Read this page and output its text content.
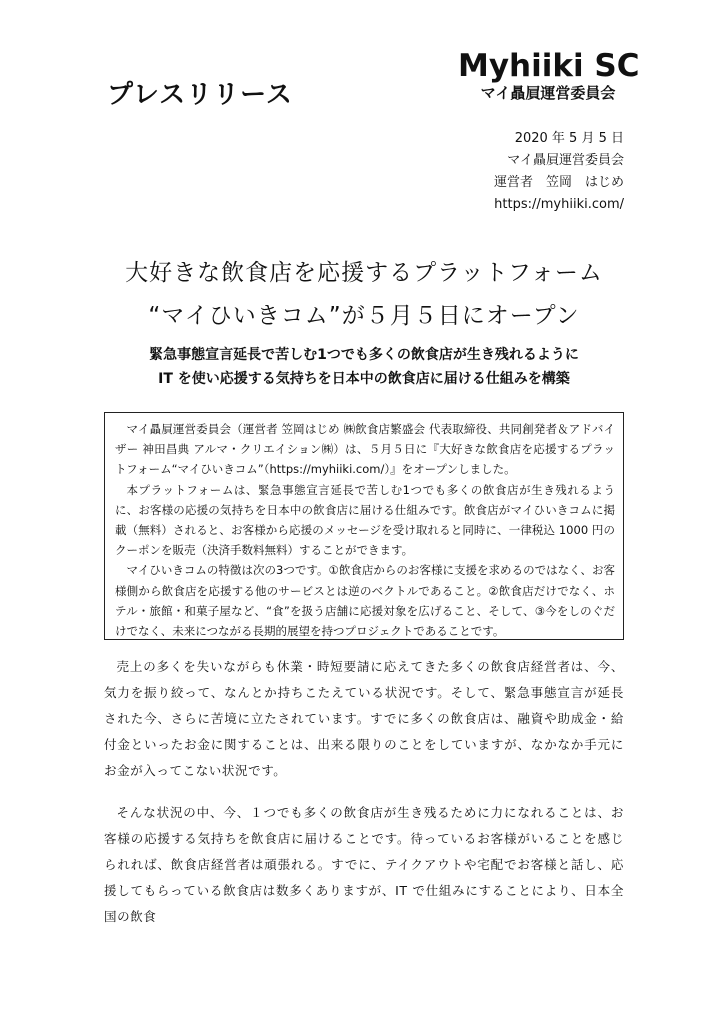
プレスリリース
Myhiiki SC
マイ贔屓運営委員会
2020 年 5 月 5 日
マイ贔屓運営委員会
運営者　笠岡　はじめ
https://myhiiki.com/
大好きな飲食店を応援するプラットフォーム
“マイひいきコム”が５月５日にオープン
緊急事態宣言延長で苦しむ1つでも多くの飲食店が生き残れるように
IT を使い応援する気持ちを日本中の飲食店に届ける仕組みを構築

マイ贔屓運営委員会（運営者 笠岡はじめ ㈱飲食店繁盛会 代表取締役、共同創発者＆アドバイザー 神田昌典 アルマ・クリエイション㈱）は、５月５日に『大好きな飲食店を応援するプラットフォーム“マイひいきコム”（https://myhiiki.com/）』をオープンしました。

本プラットフォームは、緊急事態宣言延長で苦しむ1つでも多くの飲食店が生き残れるように、お客様の応援の気持ちを日本中の飲食店に届ける仕組みです。飲食店がマイひいきコムに掲載（無料）されると、お客様から応援のメッセージを受け取れると同時に、一律税込 1000 円のクーポンを販売（決済手数料無料）することができます。

マイひいきコムの特徴は次の3つです。①飲食店からのお客様に支援を求めるのではなく、お客様側から飲食店を応援する他のサービスとは逆のベクトルであること。②飲食店だけでなく、ホテル・旅館・和菓子屋など、“食”を扱う店舗に応援対象を広げること、そして、③今をしのぐだけでなく、未来につながる長期的展望を持つプロジェクトであることです。

売上の多くを失いながらも休業・時短要請に応えてきた多くの飲食店経営者は、今、気力を振り絞って、なんとか持ちこたえている状況です。そして、緊急事態宣言が延長された今、さらに苦境に立たされています。すでに多くの飲食店は、融資や助成金・給付金といったお金に関することは、出来る限りのことをしていますが、なかなか手元にお金が入ってこない状況です。

そんな状況の中、今、１つでも多くの飲食店が生き残るために力になれることは、お客様の応援する気持ちを飲食店に届けることです。待っているお客様がいることを感じられれば、飲食店経営者は頑張れる。すでに、テイクアウトや宅配でお客様と話し、応援してもらっている飲食店は数多くありますが、IT で仕組みにすることにより、日本全国の飲食
